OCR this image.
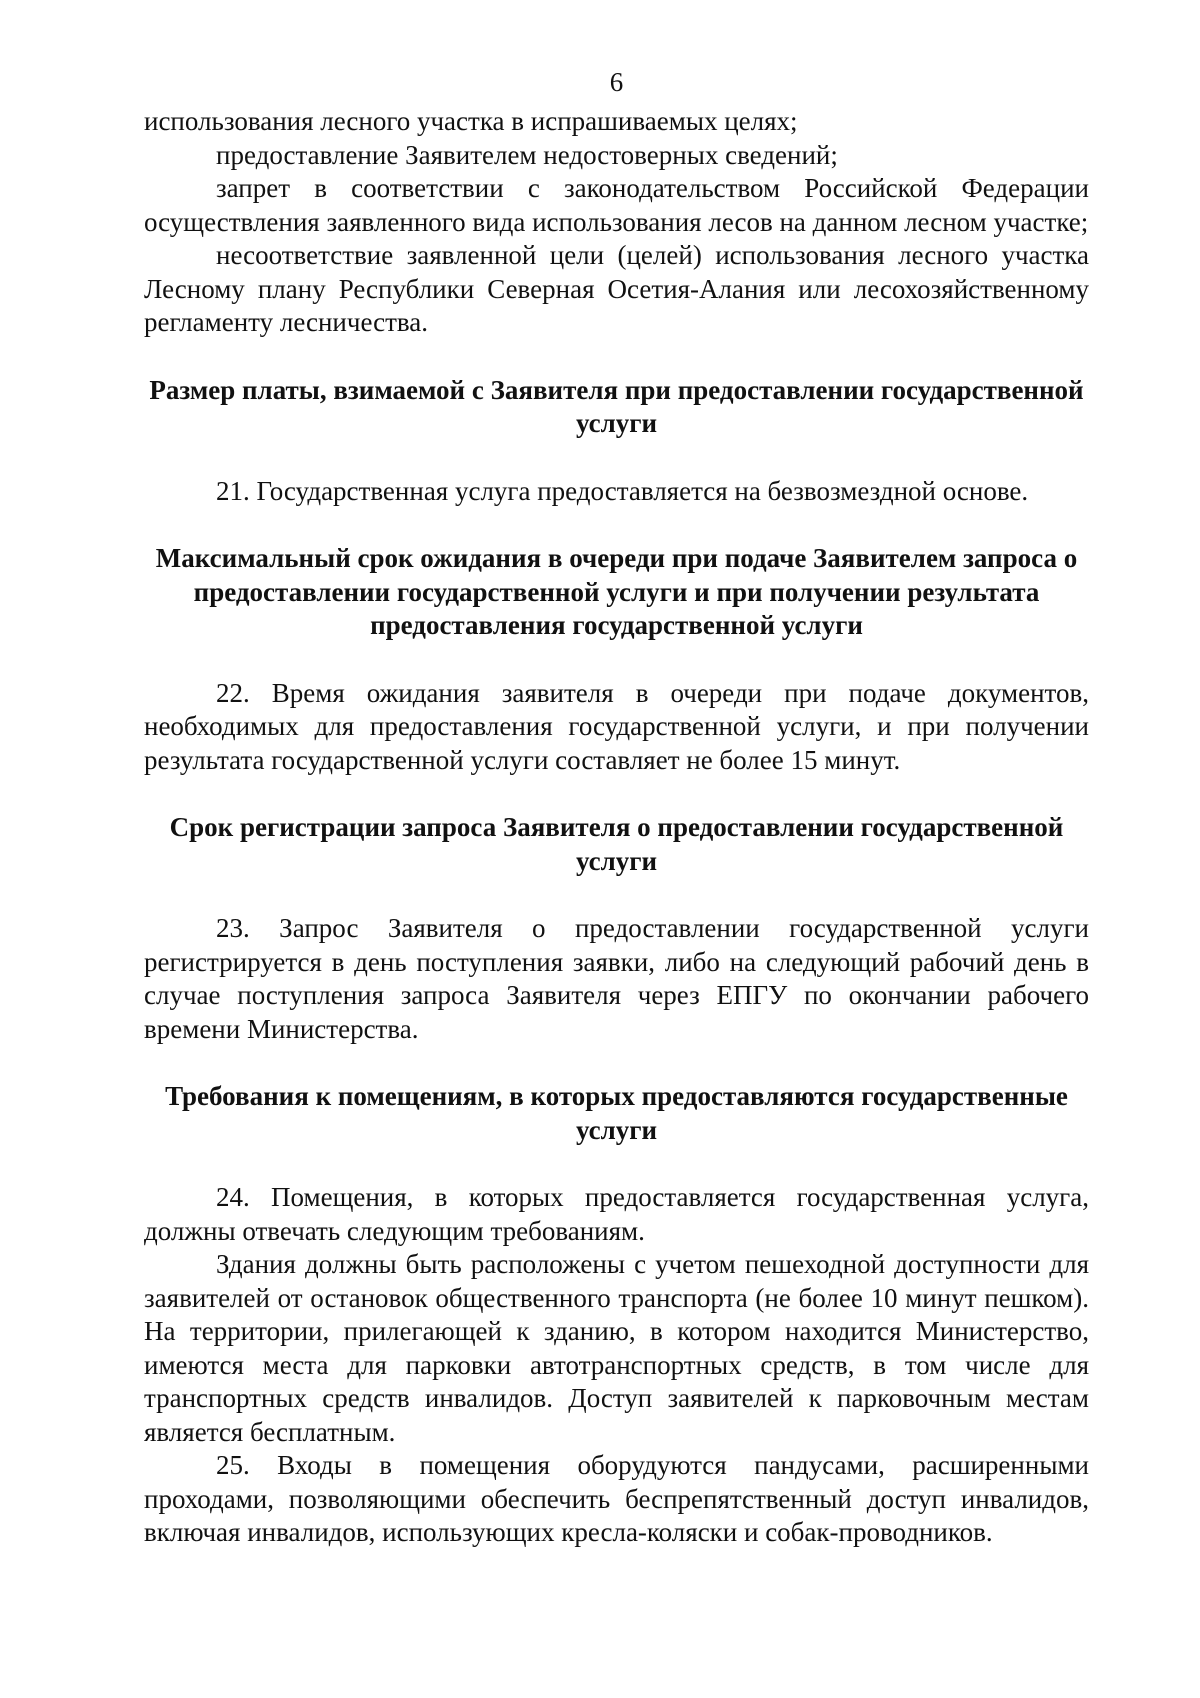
6

использования лесного участка в испрашиваемых целях;

предоставление Заявителем недостоверных сведений;

запрет в соответствии с законодательством Российской Федерации осуществления заявленного вида использования лесов на данном лесном участке;

несоответствие заявленной цели (целей) использования лесного участка Лесному плану Республики Северная Осетия-Алания или лесохозяйственному регламенту лесничества.

Размер платы, взимаемой с Заявителя при предоставлении государственной услуги

21. Государственная услуга предоставляется на безвозмездной основе.

Максимальный срок ожидания в очереди при подаче Заявителем запроса о предоставлении государственной услуги и при получении результата предоставления государственной услуги

22. Время ожидания заявителя в очереди при подаче документов, необходимых для предоставления государственной услуги, и при получении результата государственной услуги составляет не более 15 минут.

Срок регистрации запроса Заявителя о предоставлении государственной услуги

23. Запрос Заявителя о предоставлении государственной услуги регистрируется в день поступления заявки, либо на следующий рабочий день в случае поступления запроса Заявителя через ЕПГУ по окончании рабочего времени Министерства.

Требования к помещениям, в которых предоставляются государственные услуги

24. Помещения, в которых предоставляется государственная услуга, должны отвечать следующим требованиям.

Здания должны быть расположены с учетом пешеходной доступности для заявителей от остановок общественного транспорта (не более 10 минут пешком). На территории, прилегающей к зданию, в котором находится Министерство, имеются места для парковки автотранспортных средств, в том числе для транспортных средств инвалидов. Доступ заявителей к парковочным местам является бесплатным.

25. Входы в помещения оборудуются пандусами, расширенными проходами, позволяющими обеспечить беспрепятственный доступ инвалидов, включая инвалидов, использующих кресла-коляски и собак-проводников.
